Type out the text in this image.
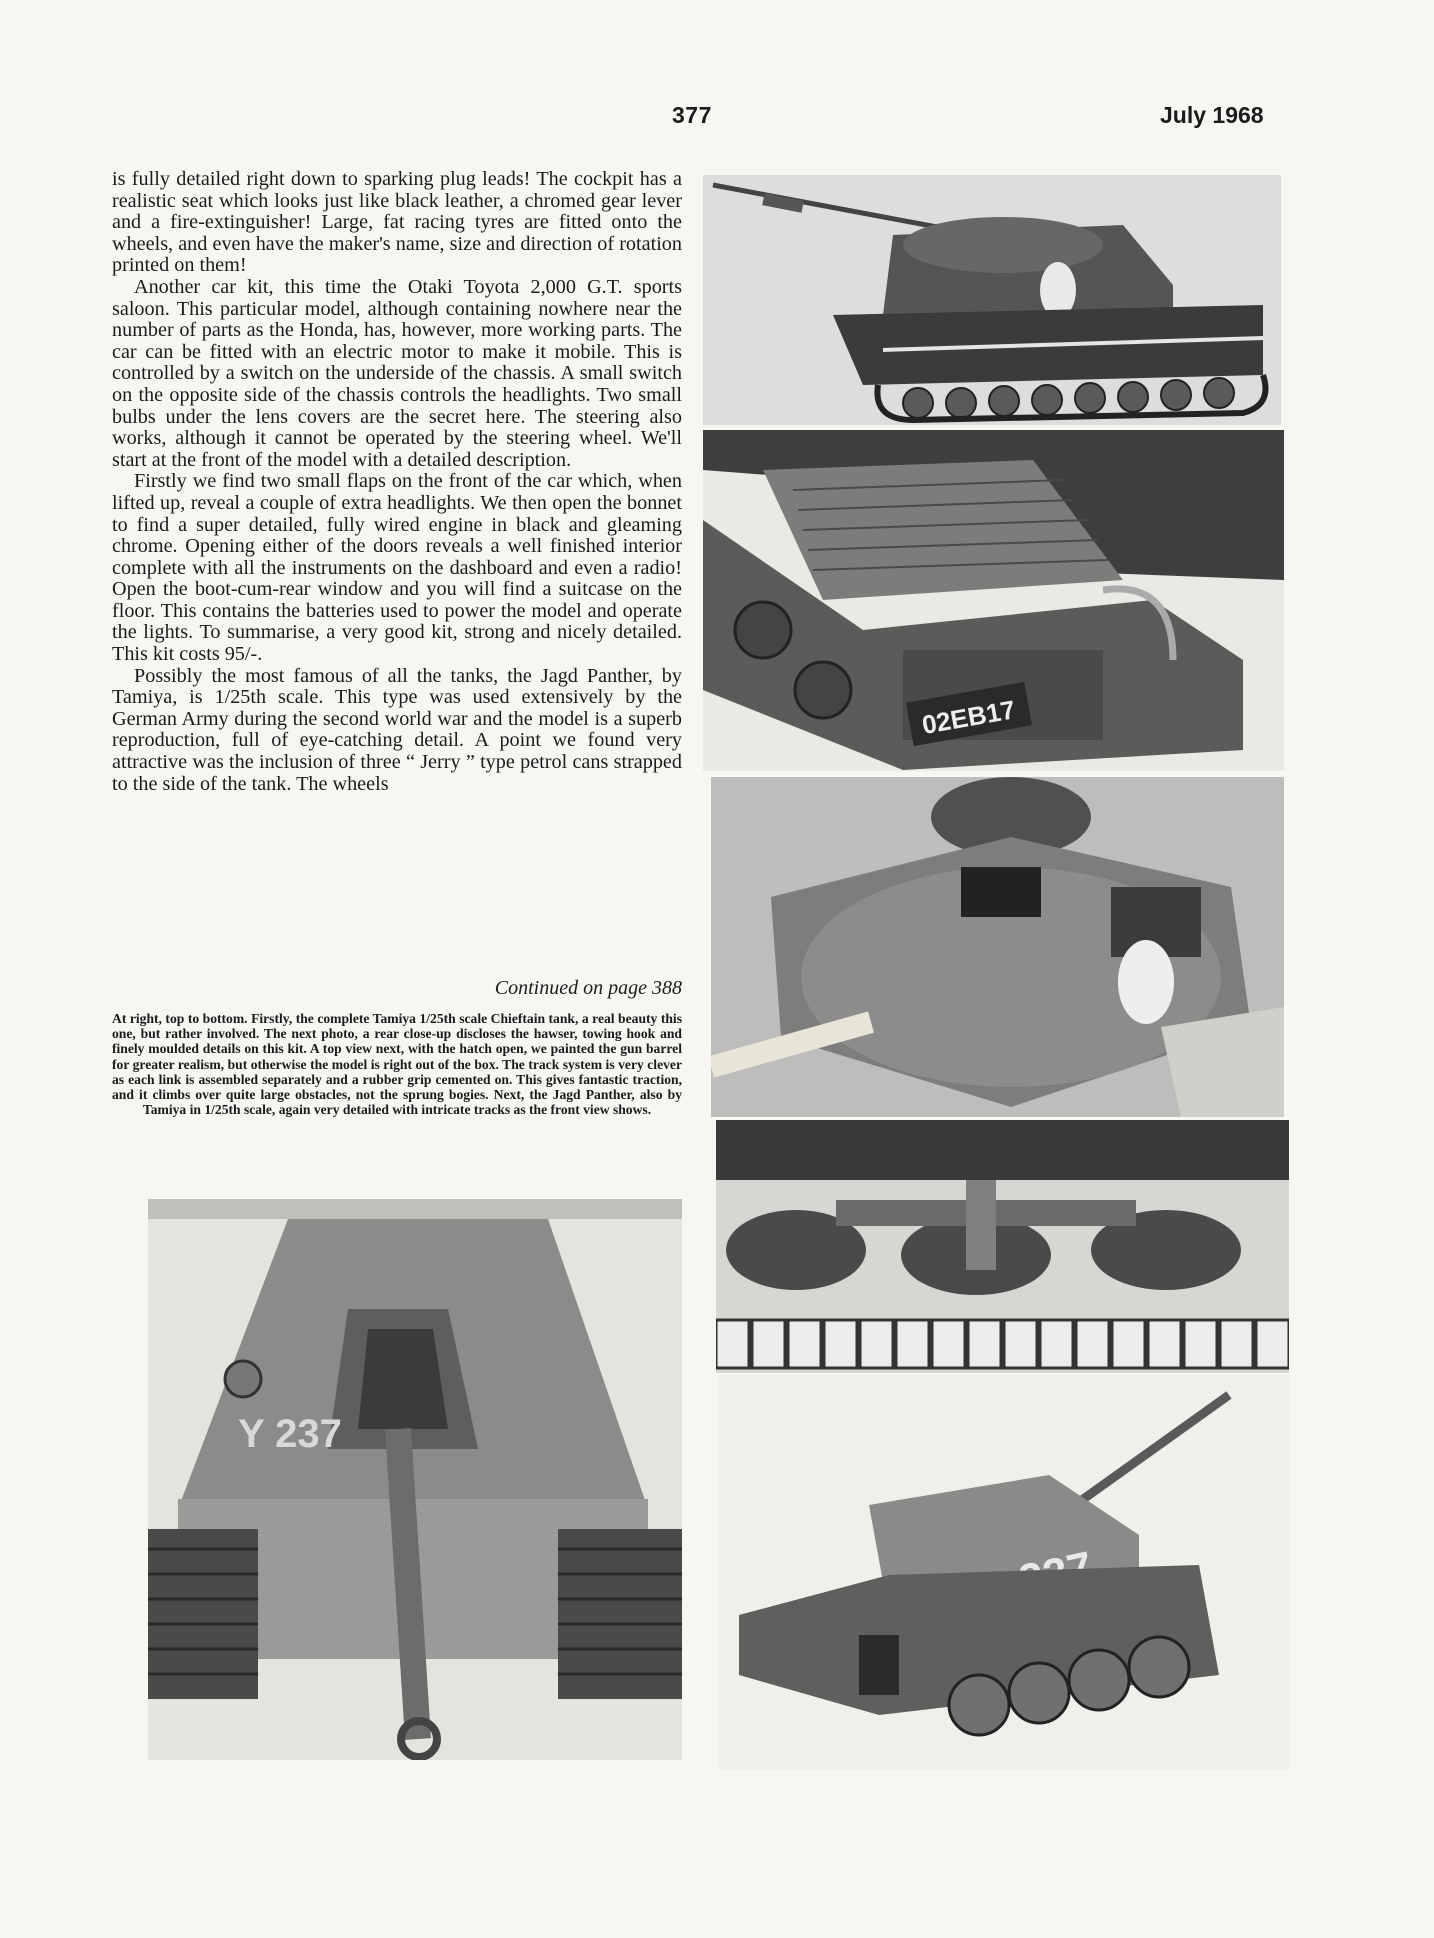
377	July 1968

is fully detailed right down to sparking plug leads! The cockpit has a realistic seat which looks just like black leather, a chromed gear lever and a fire-extinguisher! Large, fat racing tyres are fitted onto the wheels, and even have the maker's name, size and direction of rotation printed on them!

Another car kit, this time the Otaki Toyota 2,000 G.T. sports saloon. This particular model, although containing nowhere near the number of parts as the Honda, has, however, more working parts. The car can be fitted with an electric motor to make it mobile. This is controlled by a switch on the underside of the chassis. A small switch on the opposite side of the chassis controls the headlights. Two small bulbs under the lens covers are the secret here. The steering also works, although it cannot be operated by the steering wheel. We'll start at the front of the model with a detailed description.

Firstly we find two small flaps on the front of the car which, when lifted up, reveal a couple of extra headlights. We then open the bonnet to find a super detailed, fully wired engine in black and gleaming chrome. Opening either of the doors reveals a well finished interior complete with all the instruments on the dashboard and even a radio! Open the boot-cum-rear window and you will find a suitcase on the floor. This contains the batteries used to power the model and operate the lights. To summarise, a very good kit, strong and nicely detailed. This kit costs 95/-.

Possibly the most famous of all the tanks, the Jagd Panther, by Tamiya, is 1/25th scale. This type was used extensively by the German Army during the second world war and the model is a superb reproduction, full of eye-catching detail. A point we found very attractive was the inclusion of three “ Jerry ” type petrol cans strapped to the side of the tank. The wheels

Continued on page 388
At right, top to bottom. Firstly, the complete Tamiya 1/25th scale Chieftain tank, a real beauty this one, but rather involved. The next photo, a rear close-up discloses the hawser, towing hook and finely moulded details on this kit. A top view next, with the hatch open, we painted the gun barrel for greater realism, but otherwise the model is right out of the box. The track system is very clever as each link is assembled separately and a rubber grip cemented on. This gives fantastic traction, and it climbs over quite large obstacles, not the sprung bogies. Next, the Jagd Panther, also by Tamiya in 1/25th scale, again very detailed with intricate tracks as the front view shows.
02EB17
Y 237
